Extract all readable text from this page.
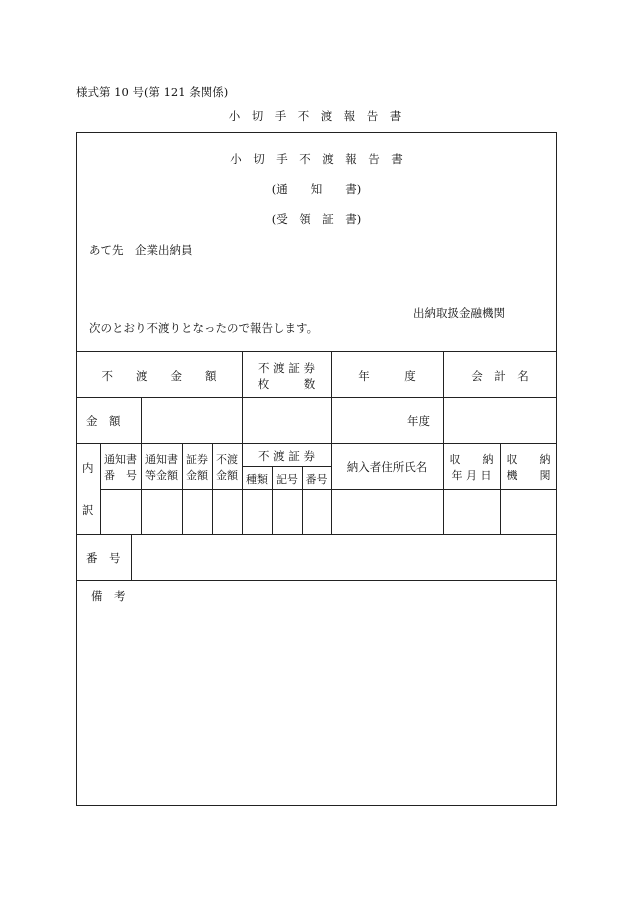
様式第 10 号(第 121 条関係)
小　切　手　不　渡　報　告　書
小　切　手　不　渡　報　告　書
(通　　知　　書)
(受　領　証　書)
あて先　企業出納員
出納取扱金融機関
次のとおり不渡りとなったので報告します。
不　　渡　　金　　額
不 渡 証 券
枚　　　数
年　　　度	会　計　名
金　額	年度
内
訳
通知書
番　号
通知書
等金額
証券
金額
不渡
金額
不 渡 証 券
種類 記号 番号
納入者住所氏名
収　　納
年 月 日
収　　納
機　　関
番　号
備　考
